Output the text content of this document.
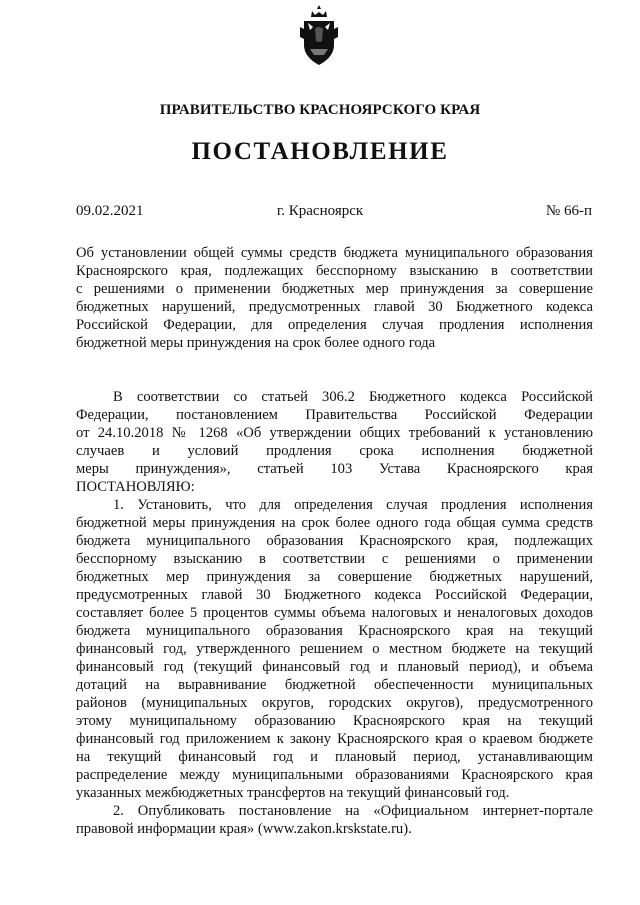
ПРАВИТЕЛЬСТВО КРАСНОЯРСКОГО КРАЯ
ПОСТАНОВЛЕНИЕ
09.02.2021	г. Красноярск	№ 66-п
Об установлении общей суммы средств бюджета муниципального образования
Красноярского края, подлежащих бесспорному взысканию в соответствии
с решениями о применении бюджетных мер принуждения за совершение
бюджетных нарушений, предусмотренных главой 30 Бюджетного кодекса
Российской Федерации, для определения случая продления исполнения
бюджетной меры принуждения на срок более одного года
В соответствии со статьей 306.2 Бюджетного кодекса Российской
Федерации, постановлением Правительства Российской Федерации
от 24.10.2018 № 1268 «Об утверждении общих требований к установлению
случаев и условий продления срока исполнения бюджетной
меры принуждения», статьей 103 Устава Красноярского края
ПОСТАНОВЛЯЮ:
1. Установить, что для определения случая продления исполнения
бюджетной меры принуждения на срок более одного года общая сумма средств
бюджета муниципального образования Красноярского края, подлежащих
бесспорному взысканию в соответствии с решениями о применении
бюджетных мер принуждения за совершение бюджетных нарушений,
предусмотренных главой 30 Бюджетного кодекса Российской Федерации,
составляет более 5 процентов суммы объема налоговых и неналоговых доходов
бюджета муниципального образования Красноярского края на текущий
финансовый год, утвержденного решением о местном бюджете на текущий
финансовый год (текущий финансовый год и плановый период), и объема
дотаций на выравнивание бюджетной обеспеченности муниципальных
районов (муниципальных округов, городских округов), предусмотренного
этому муниципальному образованию Красноярского края на текущий
финансовый год приложением к закону Красноярского края о краевом бюджете
на текущий финансовый год и плановый период, устанавливающим
распределение между муниципальными образованиями Красноярского края
указанных межбюджетных трансфертов на текущий финансовый год.
2. Опубликовать постановление на «Официальном интернет-портале
правовой информации края» (www.zakon.krskstate.ru).
